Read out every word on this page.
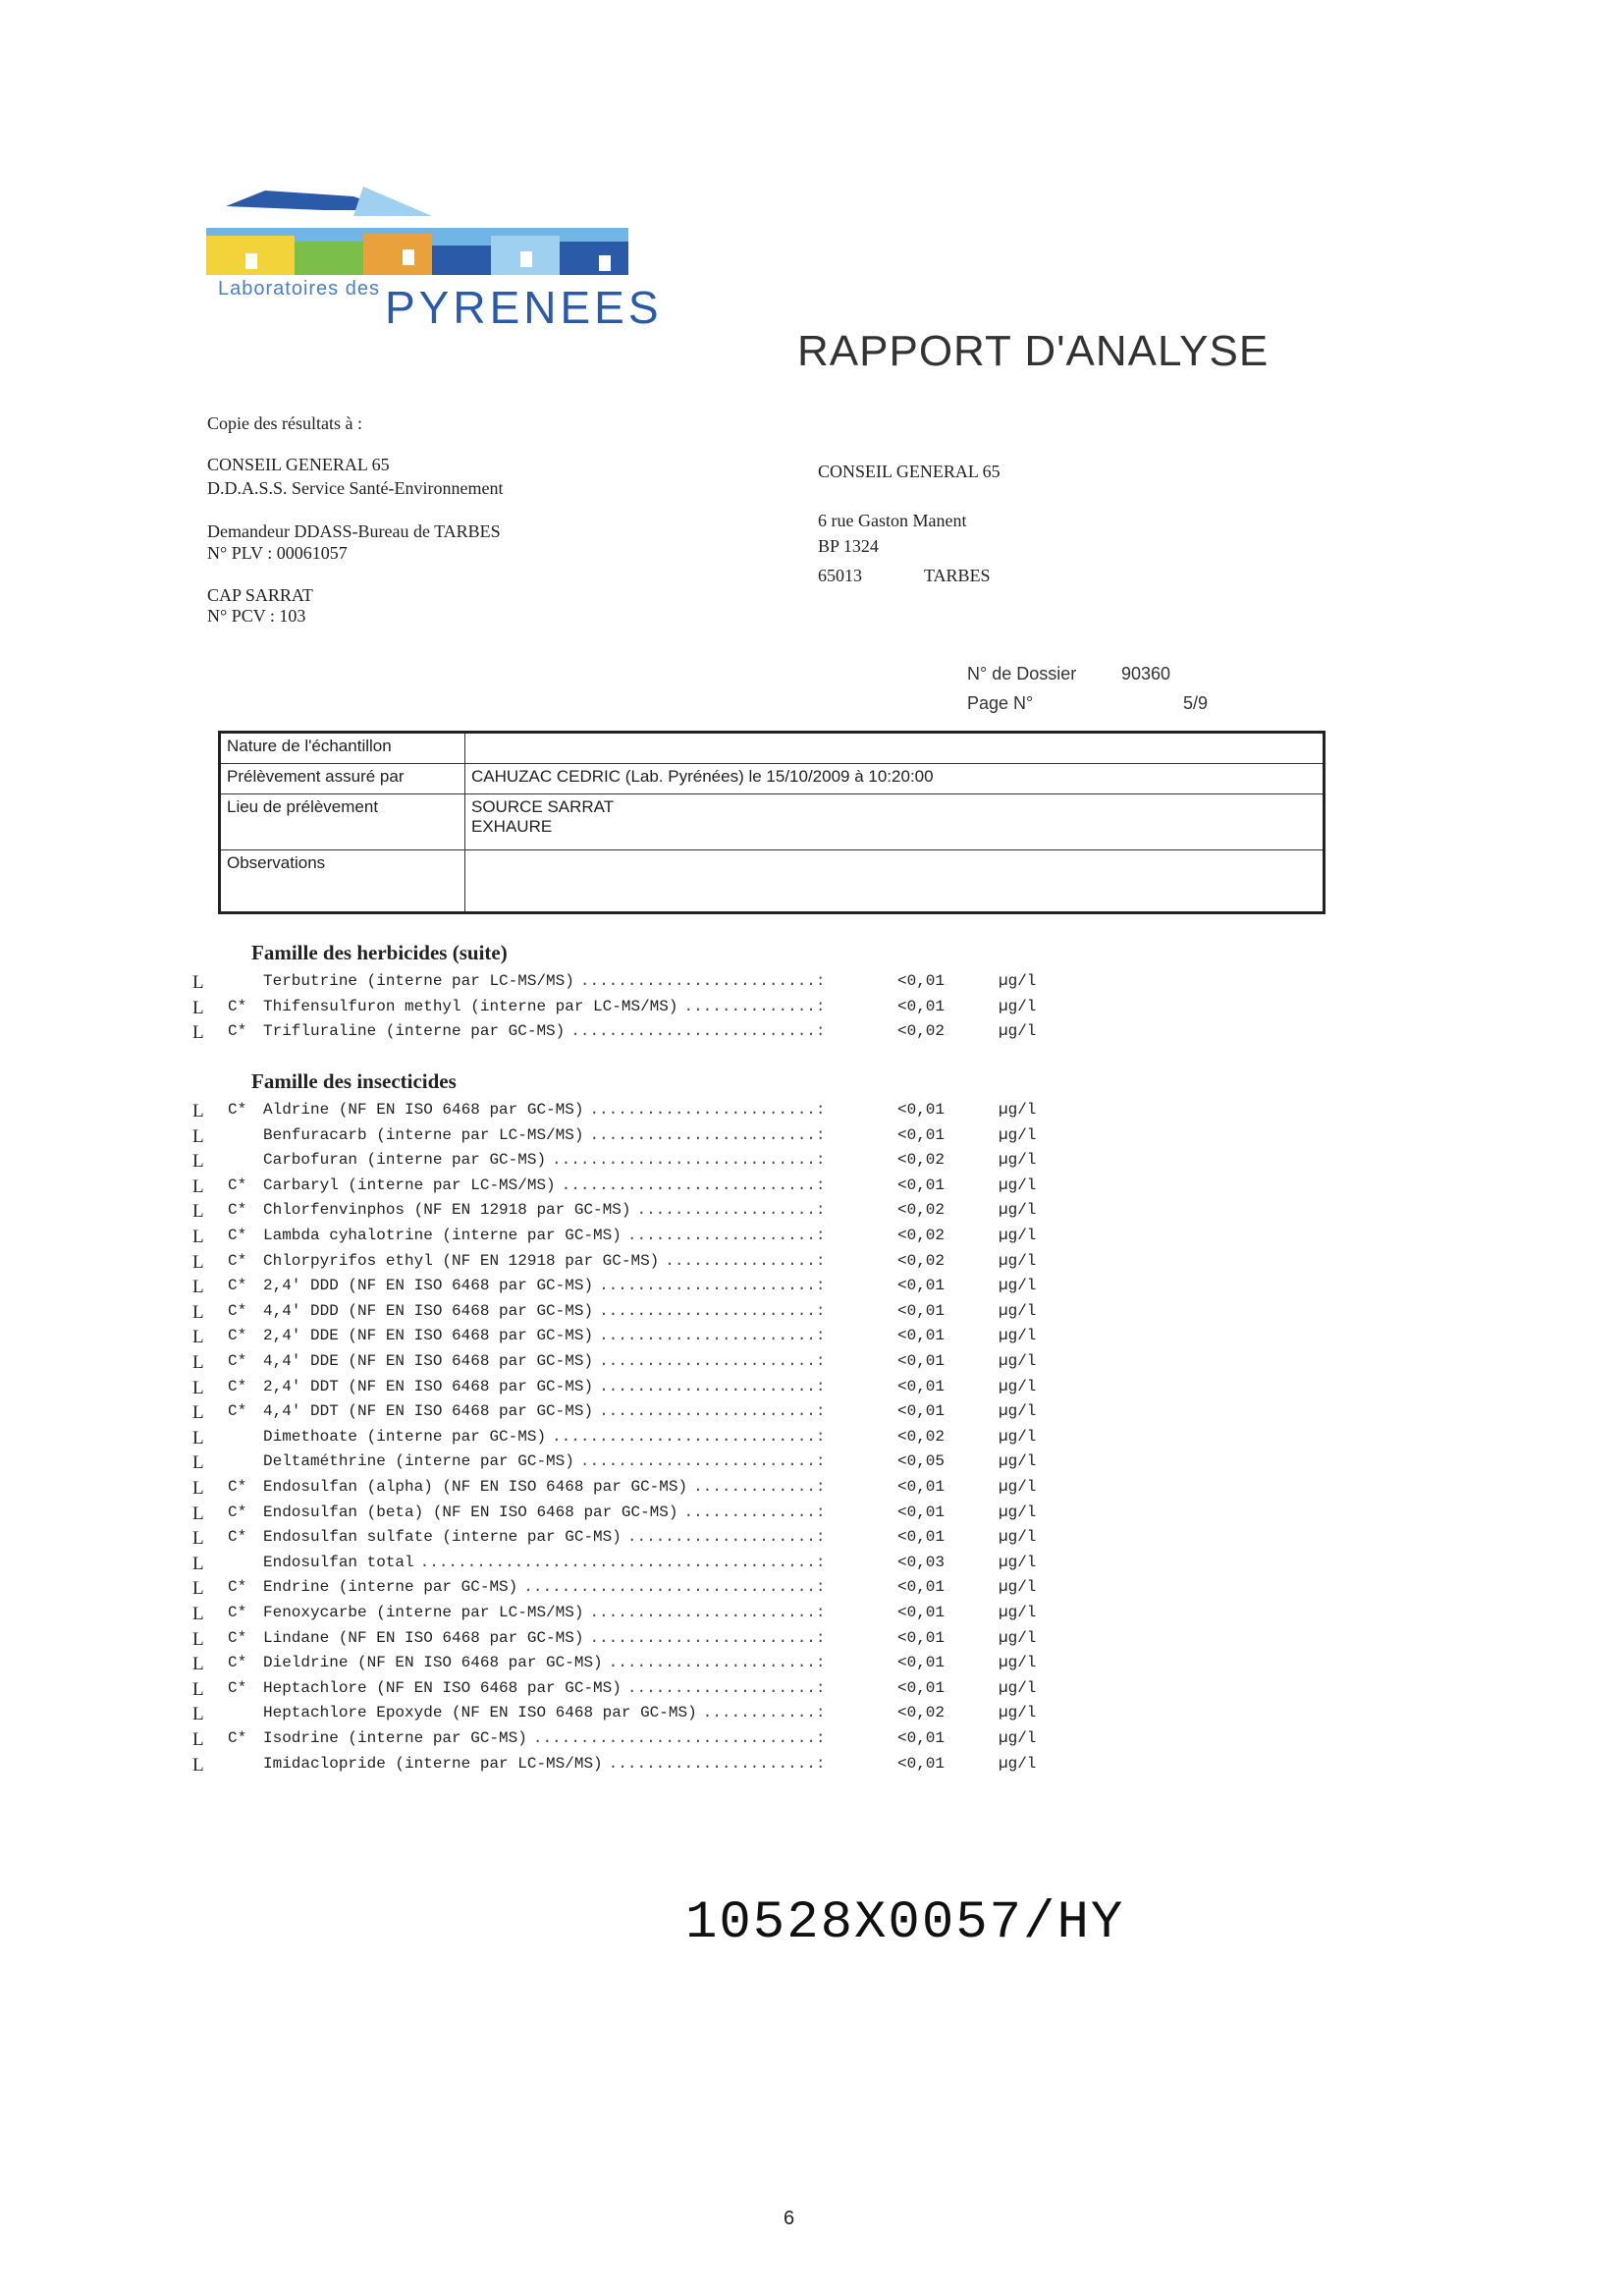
Laboratoires des PYRENEES
RAPPORT D'ANALYSE
Copie des résultats à :
CONSEIL GENERAL 65
D.D.A.S.S. Service Santé-Environnement
Demandeur DDASS-Bureau de TARBES
N° PLV : 00061057
CAP SARRAT
N° PCV : 103
CONSEIL GENERAL 65
6 rue Gaston Manent
BP 1324
65013	TARBES
N° de Dossier	90360
Page N°	5/9
Nature de l'échantillon	
Prélèvement assuré par	CAHUZAC CEDRIC (Lab. Pyrénées) le 15/10/2009 à 10:20:00
Lieu de prélèvement	SOURCE SARRAT
EXHAURE

Observations	
Famille des herbicides (suite)
L	Terbutrine (interne par LC-MS/MS) .........................:	<0,01	µg/l
L C* Thifensulfuron methyl (interne par LC-MS/MS) ..............:	<0,01	µg/l
L C* Trifluraline (interne par GC-MS) ..........................:	<0,02	µg/l
Famille des insecticides
L C* Aldrine (NF EN ISO 6468 par GC-MS) ........................:	<0,01	µg/l
L	Benfuracarb (interne par LC-MS/MS) ........................:	<0,01	µg/l
L	Carbofuran (interne par GC-MS) ............................:	<0,02	µg/l
L C* Carbaryl (interne par LC-MS/MS) ...........................:	<0,01	µg/l
L C* Chlorfenvinphos (NF EN 12918 par GC-MS) ...................:	<0,02	µg/l
L C* Lambda cyhalotrine (interne par GC-MS) ....................:	<0,02	µg/l
L C* Chlorpyrifos ethyl (NF EN 12918 par GC-MS) ................:	<0,02	µg/l
L C* 2,4' DDD (NF EN ISO 6468 par GC-MS) .......................:	<0,01	µg/l
L C* 4,4' DDD (NF EN ISO 6468 par GC-MS) .......................:	<0,01	µg/l
L C* 2,4' DDE (NF EN ISO 6468 par GC-MS) .......................:	<0,01	µg/l
L C* 4,4' DDE (NF EN ISO 6468 par GC-MS) .......................:	<0,01	µg/l
L C* 2,4' DDT (NF EN ISO 6468 par GC-MS) .......................:	<0,01	µg/l
L C* 4,4' DDT (NF EN ISO 6468 par GC-MS) .......................:	<0,01	µg/l
L	Dimethoate (interne par GC-MS) ............................:	<0,02	µg/l
L	Deltaméthrine (interne par GC-MS) .........................:	<0,05	µg/l
L C* Endosulfan (alpha) (NF EN ISO 6468 par GC-MS) .............:	<0,01	µg/l
L C* Endosulfan (beta) (NF EN ISO 6468 par GC-MS) ..............:	<0,01	µg/l
L C* Endosulfan sulfate (interne par GC-MS) ....................:	<0,01	µg/l
L	Endosulfan total ..........................................:	<0,03	µg/l
L C* Endrine (interne par GC-MS) ...............................:	<0,01	µg/l
L C* Fenoxycarbe (interne par LC-MS/MS) ........................:	<0,01	µg/l
L C* Lindane (NF EN ISO 6468 par GC-MS) ........................:	<0,01	µg/l
L C* Dieldrine (NF EN ISO 6468 par GC-MS) ......................:	<0,01	µg/l
L C* Heptachlore (NF EN ISO 6468 par GC-MS) ....................:	<0,01	µg/l
L	Heptachlore Epoxyde (NF EN ISO 6468 par GC-MS) ............:	<0,02	µg/l
L C* Isodrine (interne par GC-MS) ..............................:	<0,01	µg/l
L	Imidaclopride (interne par LC-MS/MS) ......................:	<0,01	µg/l
10528X0057/HY
6
